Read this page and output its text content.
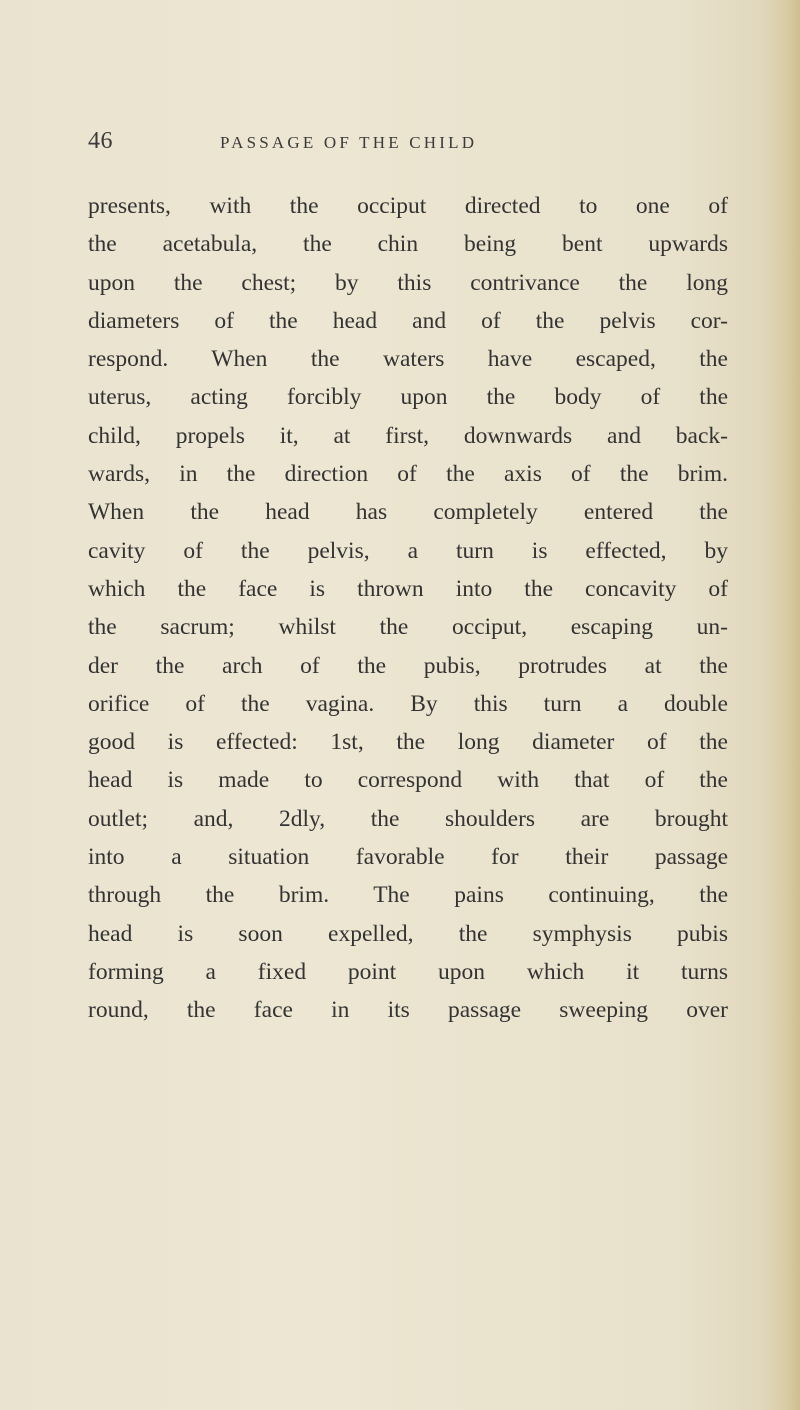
46	PASSAGE OF THE CHILD
presents, with the occiput directed to one of
the acetabula, the chin being bent upwards
upon the chest; by this contrivance the long
diameters of the head and of the pelvis cor-
respond. When the waters have escaped, the
uterus, acting forcibly upon the body of the
child, propels it, at first, downwards and back-
wards, in the direction of the axis of the brim.
When the head has completely entered the
cavity of the pelvis, a turn is effected, by
which the face is thrown into the concavity of
the sacrum; whilst the occiput, escaping un-
der the arch of the pubis, protrudes at the
orifice of the vagina. By this turn a double
good is effected: 1st, the long diameter of the
head is made to correspond with that of the
outlet; and, 2dly, the shoulders are brought
into a situation favorable for their passage
through the brim. The pains continuing, the
head is soon expelled, the symphysis pubis
forming a fixed point upon which it turns
round, the face in its passage sweeping over
